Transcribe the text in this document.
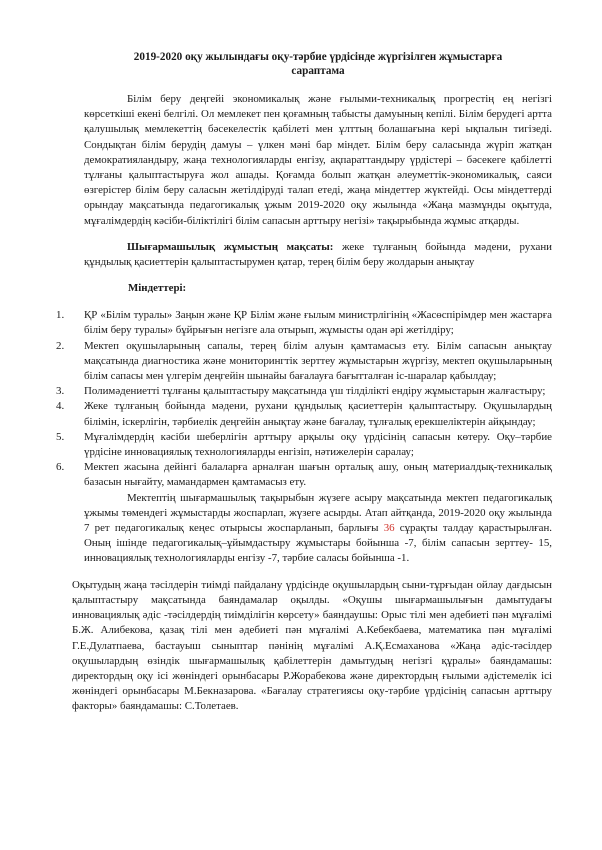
2019-2020 оқу жылындағы оқу-тәрбие үрдісінде жүргізілген жұмыстарға
сараптама

Білім беру деңгейі экономикалық және ғылыми-техникалық прогрестің ең негізгі көрсеткіші екені белгілі. Ол мемлекет пен қоғамның табысты дамуының кепілі. Білім берудегі артта қалушылық мемлекеттің бәсекелестік қабілеті мен ұлттың болашағына кері ықпалын тигізеді. Сондықтан білім берудің дамуы – үлкен мәні бар міндет. Білім беру саласында жүріп жатқан демократияландыру, жаңа технологияларды енгізу, ақпараттандыру үрдістері – бәсекеге қабілетті тұлғаны қалыптастыруға жол ашады. Қоғамда болып жатқан әлеуметтік-экономикалық, саяси өзгерістер білім беру саласын жетілдіруді талап етеді, жаңа міндеттер жүктейді. Осы міндеттерді орындау мақсатында педагогикалық ұжым 2019-2020 оқу жылында «Жаңа мазмұнды оқытуда, мұғалімдердің кәсіби-біліктілігі білім сапасын арттыру негізі» тақырыбында жұмыс атқарды.

Шығармашылық жұмыстың мақсаты: жеке тұлғаның бойында мәдени, рухани құндылық қасиеттерін қалыптастырумен қатар, терең білім беру жолдарын анықтау

Міндеттері:
1. ҚР «Білім туралы» Заңын және ҚР Білім және ғылым министрлігінің «Жасөспірімдер мен жастарға білім беру туралы» бұйрығын негізге ала отырып, жұмысты одан әрі жетілдіру;
2. Мектеп оқушыларының сапалы, терең білім алуын қамтамасыз ету. Білім сапасын анықтау мақсатында диагностика және мониторингтік зерттеу жұмыстарын жүргізу, мектеп оқушыларының білім сапасы мен үлгерім деңгейін шынайы бағалауға бағытталған іс-шаралар қабылдау;
3. Полимәдениетті тұлғаны қалыптастыру мақсатында үш тілділікті ендіру жұмыстарын жалғастыру;
4. Жеке тұлғаның бойында мәдени, рухани құндылық қасиеттерін қалыптастыру. Оқушылардың білімін, іскерлігін, тәрбиелік деңгейін анықтау және бағалау, тұлғалық ерекшеліктерін айқындау;
5. Мұғалімдердің кәсіби шеберлігін арттыру арқылы оқу үрдісінің сапасын көтеру. Оқу–тәрбие үрдісіне инновациялық технологияларды енгізіп, нәтижелерін саралау;
6. Мектеп жасына дейінгі балаларға арналған шағын орталық ашу, оның материалдық-техникалық базасын нығайту, мамандармен қамтамасыз ету.

Мектептің шығармашылық тақырыбын жүзеге асыру мақсатында мектеп педагогикалық ұжымы төмендегі жұмыстарды жоспарлап, жүзеге асырды. Атап айтқанда, 2019-2020 оқу жылында 7 рет педагогикалық кеңес отырысы жоспарланып, барлығы 36 сұрақты талдау қарастырылған. Оның ішінде педагогикалық–ұйымдастыру жұмыстары бойынша -7, білім сапасын зерттеу- 15, инновациялық технологияларды енгізу -7, тәрбие саласы бойынша -1.

Оқытудың жаңа тәсілдерін тиімді пайдалану үрдісінде оқушылардың сыни-тұрғыдан ойлау дағдысын қалыптастыру мақсатында баяндамалар оқылды. «Оқушы шығармашылығын дамытудағы инновациялық әдіс -тәсілдердің тиімділігін көрсету» баяндаушы: Орыс тілі мен әдебиеті пән мұғалімі Б.Ж. Алибекова, қазақ тілі мен әдебиеті пән мұғалімі А.Кебекбаева, математика пән мұғалімі Г.Е.Дулатпаева, бастауыш сыныптар пәнінің мұғалімі А.Қ.Есмаханова «Жаңа әдіс-тәсілдер оқушылардың өзіндік шығармашылық қабілеттерін дамытудың негізгі құралы» баяндамашы: директордың оқу ісі жөніндегі орынбасары Р.Жорабекова және директордың ғылыми әдістемелік ісі жөніндегі орынбасары М.Бекназарова. «Бағалау стратегиясы оқу-тәрбие үрдісінің сапасын арттыру факторы» баяндамашы: С.Толетаев.
